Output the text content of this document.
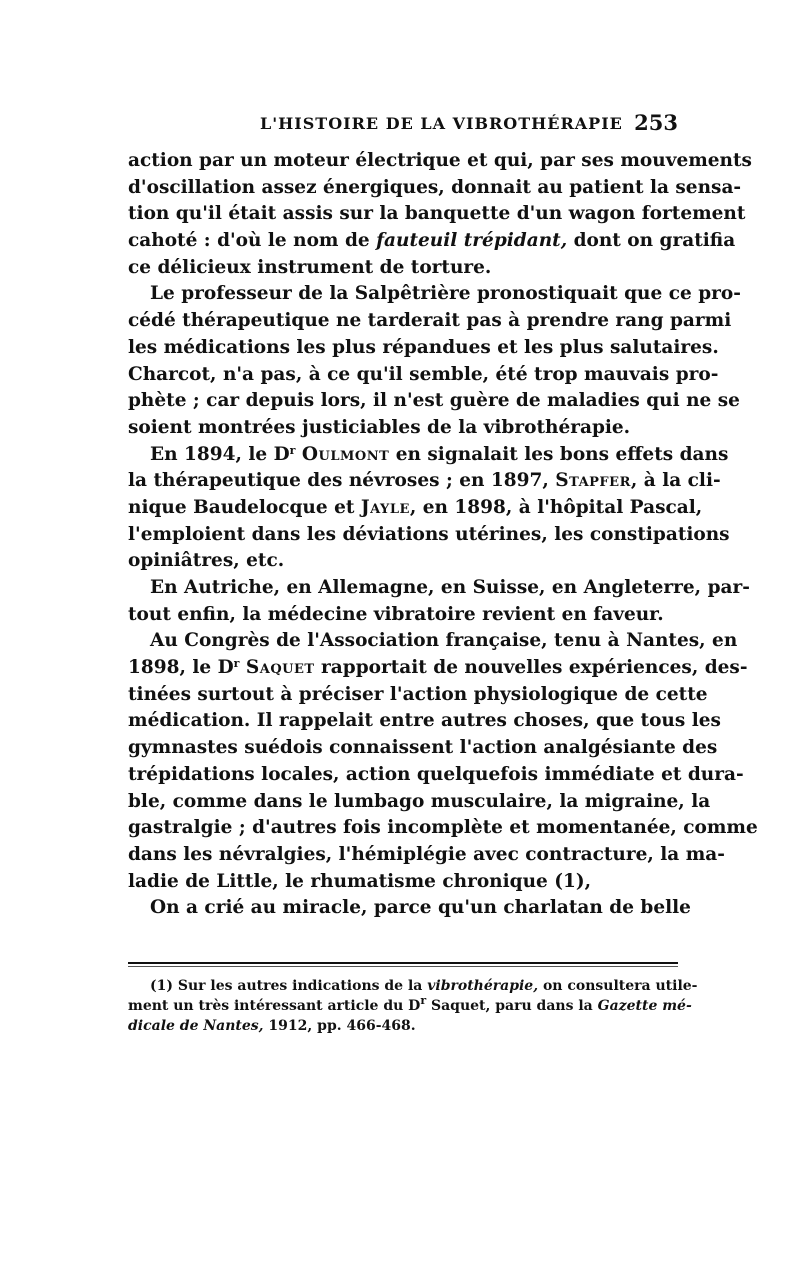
L'HISTOIRE DE LA VIBROTHÉRAPIE 253
action par un moteur électrique et qui, par ses mouvements
d'oscillation assez énergiques, donnait au patient la sensa-
tion qu'il était assis sur la banquette d'un wagon fortement
cahoté : d'où le nom de fauteuil trépidant, dont on gratifia
ce délicieux instrument de torture.
Le professeur de la Salpêtrière pronostiquait que ce pro-
cédé thérapeutique ne tarderait pas à prendre rang parmi
les médications les plus répandues et les plus salutaires.
Charcot, n'a pas, à ce qu'il semble, été trop mauvais pro-
phète ; car depuis lors, il n'est guère de maladies qui ne se
soient montrées justiciables de la vibrothérapie.
En 1894, le $D^r$ Oulmont en signalait les bons effets dans
la thérapeutique des névroses ; en 1897, Stapfer, à la cli-
nique Baudelocque et Jayle, en 1898, à l'hôpital Pascal,
l'emploient dans les déviations utérines, les constipations
opiniâtres, etc.
En Autriche, en Allemagne, en Suisse, en Angleterre, par-
tout enfin, la médecine vibratoire revient en faveur.
Au Congrès de l'Association française, tenu à Nantes, en
1898, le $D^r$ Saquet rapportait de nouvelles expériences, des-
tinées surtout à préciser l'action physiologique de cette
médication. Il rappelait entre autres choses, que tous les
gymnastes suédois connaissent l'action analgésiante des
trépidations locales, action quelquefois immédiate et dura-
ble, comme dans le lumbago musculaire, la migraine, la
gastralgie ; d'autres fois incomplète et momentanée, comme
dans les névralgies, l'hémiplégie avec contracture, la ma-
ladie de Little, le rhumatisme chronique (1),
On a crié au miracle, parce qu'un charlatan de belle
(1) Sur les autres indications de la vibrothérapie, on consultera utile-
ment un très intéressant article du $D^r$ Saquet, paru dans la Gazette mé-
dicale de Nantes, 1912, pp. 466-468.
